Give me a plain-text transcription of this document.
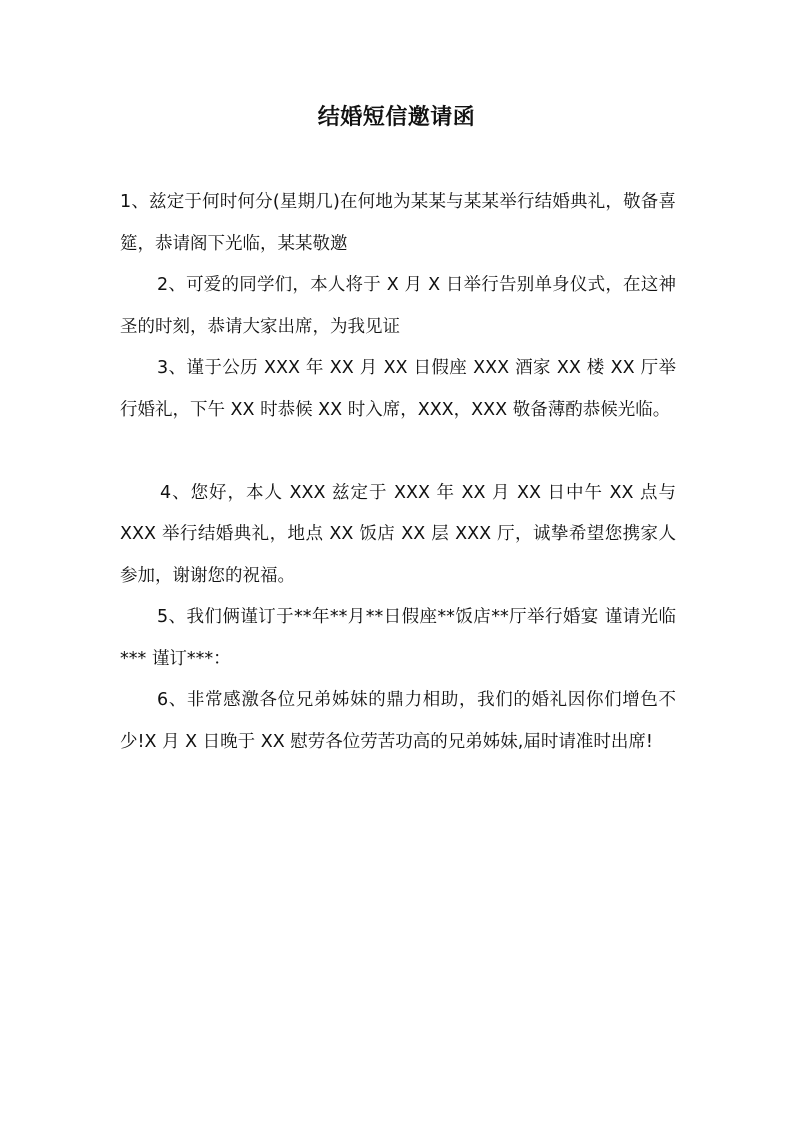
结婚短信邀请函

1、兹定于何时何分(星期几)在何地为某某与某某举行结婚典礼，敬备喜筵，恭请阁下光临，某某敬邀

2、可爱的同学们，本人将于 X 月 X 日举行告别单身仪式，在这神圣的时刻，恭请大家出席，为我见证

3、谨于公历 XXX 年 XX 月 XX 日假座 XXX 酒家 XX 楼 XX 厅举行婚礼，下午 XX 时恭候 XX 时入席，XXX，XXX 敬备薄酌恭候光临。

4、您好，本人 XXX 兹定于 XXX 年 XX 月 XX 日中午 XX 点与XXX 举行结婚典礼，地点 XX 饭店 XX 层 XXX 厅，诚挚希望您携家人参加，谢谢您的祝福。

5、我们俩谨订于**年**月**日假座**饭店**厅举行婚宴 谨请光临*** 谨订***：

6、非常感激各位兄弟姊妹的鼎力相助，我们的婚礼因你们增色不少!X 月 X 日晚于 XX 慰劳各位劳苦功高的兄弟姊妹,届时请准时出席!
